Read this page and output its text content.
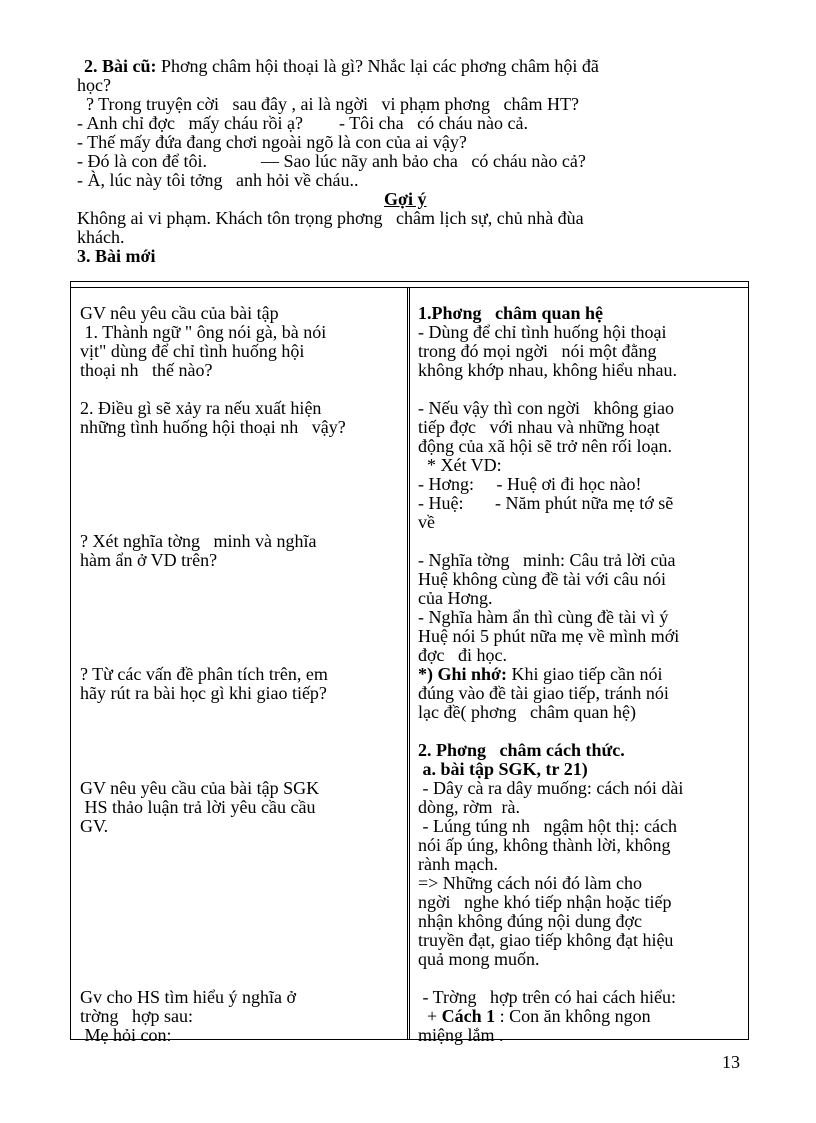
2. Bài cũ: Phơng châm hội thoại là gì? Nhắc lại các phơng châm hội đã
học?
? Trong truyện cời   sau đây , ai là ngời   vi phạm phơng   châm HT?
- Anh chỉ đợc   mấy cháu rồi ạ?        - Tôi cha   có cháu nào cả.
- Thế mấy đứa đang chơi ngoài ngõ là con của ai vậy?
- Đó là con để tôi.            — Sao lúc nãy anh bảo cha   có cháu nào cả?
- À, lúc này tôi tởng   anh hỏi về cháu..
Gợi ý
Không ai vi phạm. Khách tôn trọng phơng   châm lịch sự, chủ nhà đùa
khách.
3. Bài mới
GV nêu yêu cầu của bài tập
1. Thành ngữ " ông nói gà, bà nói
vịt" dùng để chỉ tình huống hội
thoại nh   thế nào?
2. Điều gì sẽ xảy ra nếu xuất hiện
những tình huống hội thoại nh   vậy?
? Xét nghĩa tờng   minh và nghĩa
hàm ẩn ở VD trên?
? Từ các vấn đề phân tích trên, em
hãy rút ra bài học gì khi giao tiếp?
GV nêu yêu cầu của bài tập SGK
HS thảo luận trả lời yêu cầu cầu
GV.
Gv cho HS tìm hiểu ý nghĩa ở
trờng   hợp sau:
Mẹ hỏi con:
1.Phơng   châm quan hệ
- Dùng để chỉ tình huống hội thoại
trong đó mọi ngời   nói một đằng
không khớp nhau, không hiểu nhau.
- Nếu vậy thì con ngời   không giao
tiếp đợc   với nhau và những hoạt
động của xã hội sẽ trở nên rối loạn.
* Xét VD:
- Hơng:     - Huệ ơi đi học nào!
- Huệ:       - Năm phút nữa mẹ tớ sẽ
về
- Nghĩa tờng   minh: Câu trả lời của
Huệ không cùng đề tài với câu nói
của Hơng.
- Nghĩa hàm ẩn thì cùng đề tài vì ý
Huệ nói 5 phút nữa mẹ về mình mới
đợc   đi học.
*) Ghi nhớ: Khi giao tiếp cần nói
đúng vào đề tài giao tiếp, tránh nói
lạc đề( phơng   châm quan hệ)
2. Phơng   châm cách thức.
a. bài tập SGK, tr 21)
- Dây cà ra dây muống: cách nói dài
dòng, rờm  rà.
- Lúng túng nh   ngậm hột thị: cách
nói ấp úng, không thành lời, không
rành mạch.
=> Những cách nói đó làm cho
ngời   nghe khó tiếp nhận hoặc tiếp
nhận không đúng nội dung đợc
truyền đạt, giao tiếp không đạt hiệu
quả mong muốn.
- Trờng   hợp trên có hai cách hiểu:
+ Cách 1 : Con ăn không ngon
miệng lắm .
13
